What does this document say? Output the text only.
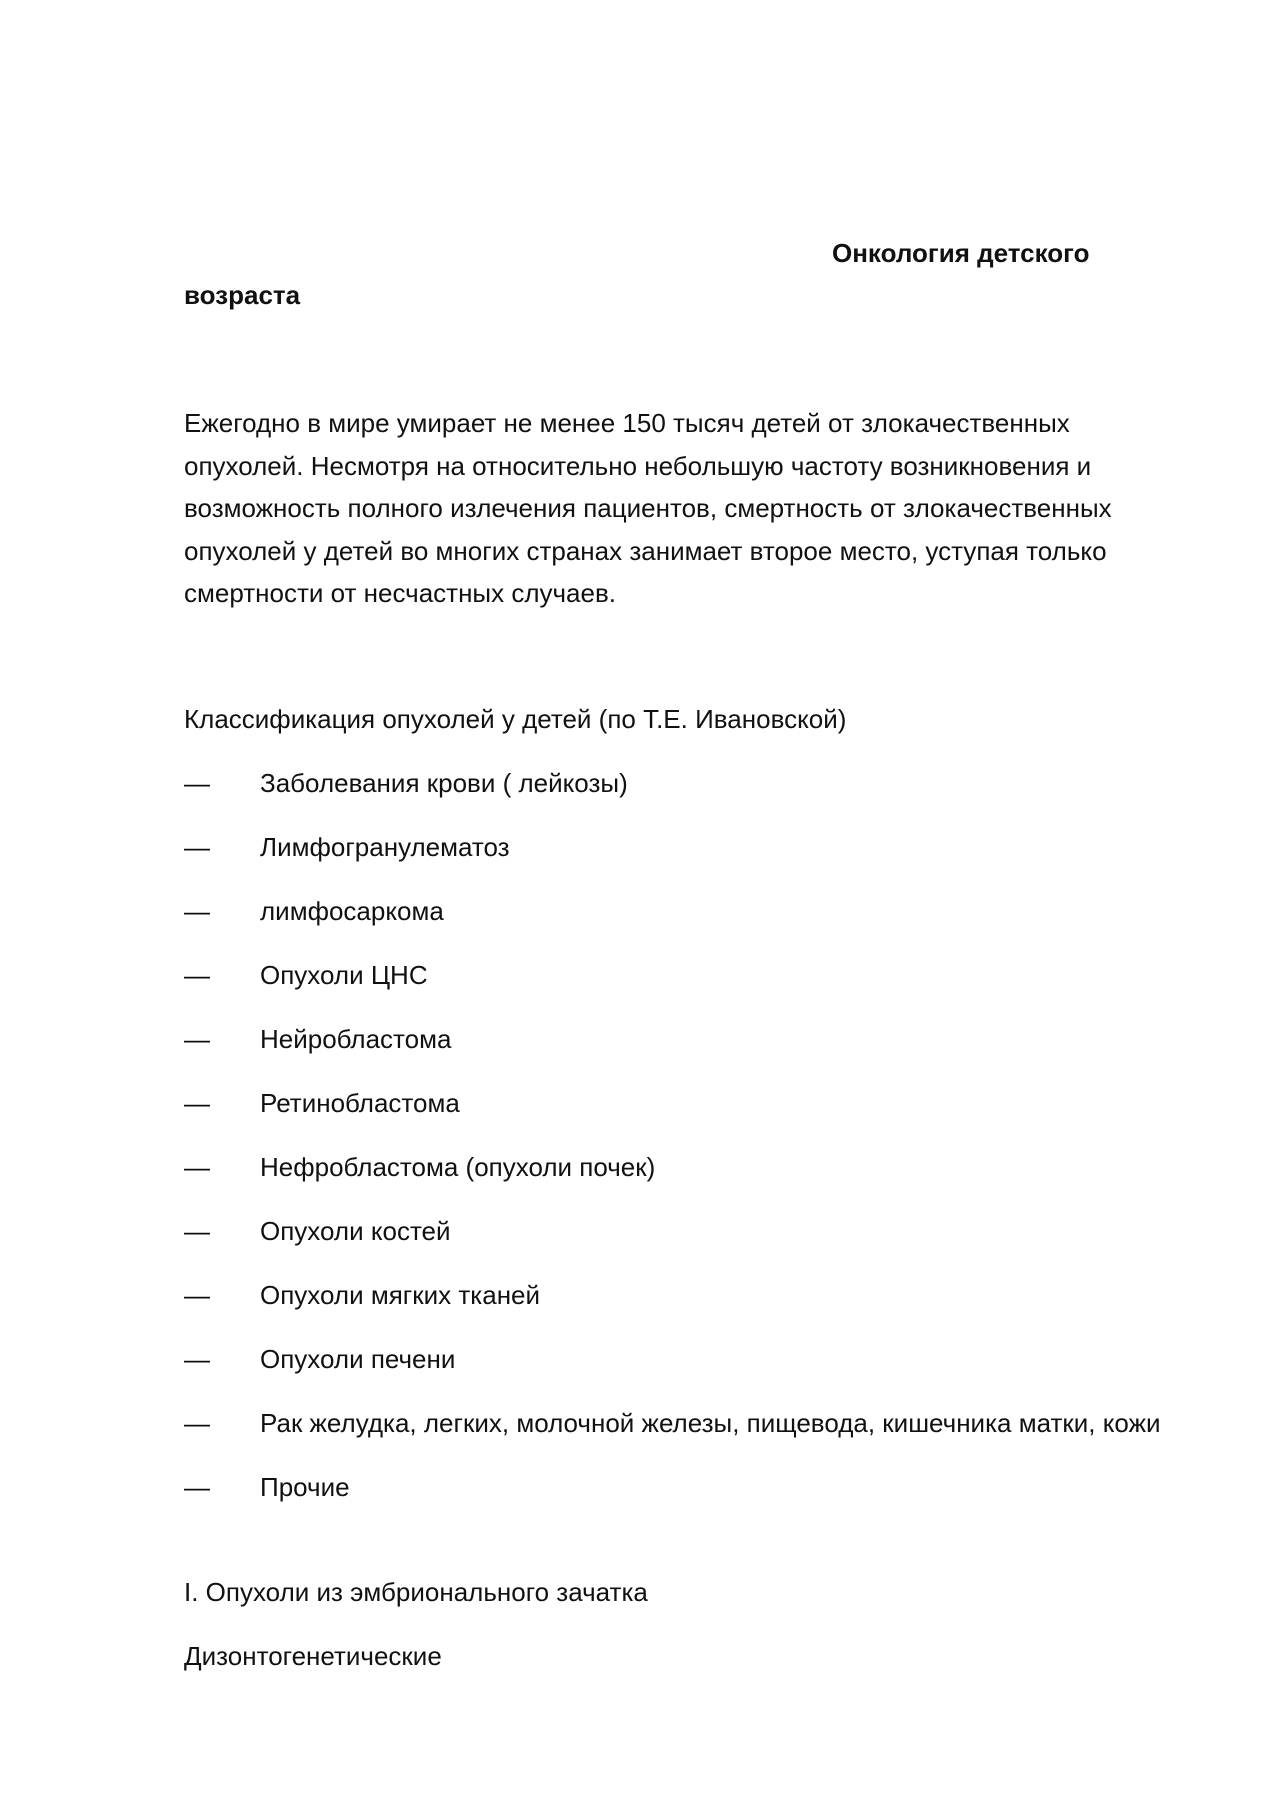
Онкология детского
возраста
Ежегодно в мире умирает не менее 150 тысяч детей от злокачественных
опухолей. Несмотря на относительно небольшую частоту возникновения и
возможность полного излечения пациентов, смертность от злокачественных
опухолей у детей во многих странах занимает второе место, уступая только
смертности от несчастных случаев.
Классификация опухолей у детей (по Т.Е. Ивановской)
—	Заболевания крови ( лейкозы)
—	Лимфогранулематоз
—	лимфосаркома
—	Опухоли ЦНС
—	Нейробластома
—	Ретинобластома
—	Нефробластома (опухоли почек)
—	Опухоли костей
—	Опухоли мягких тканей
—	Опухоли печени
—	Рак желудка, легких, молочной железы, пищевода, кишечника матки, кожи
—	Прочие
I. Опухоли из эмбрионального зачатка
Дизонтогенетические
